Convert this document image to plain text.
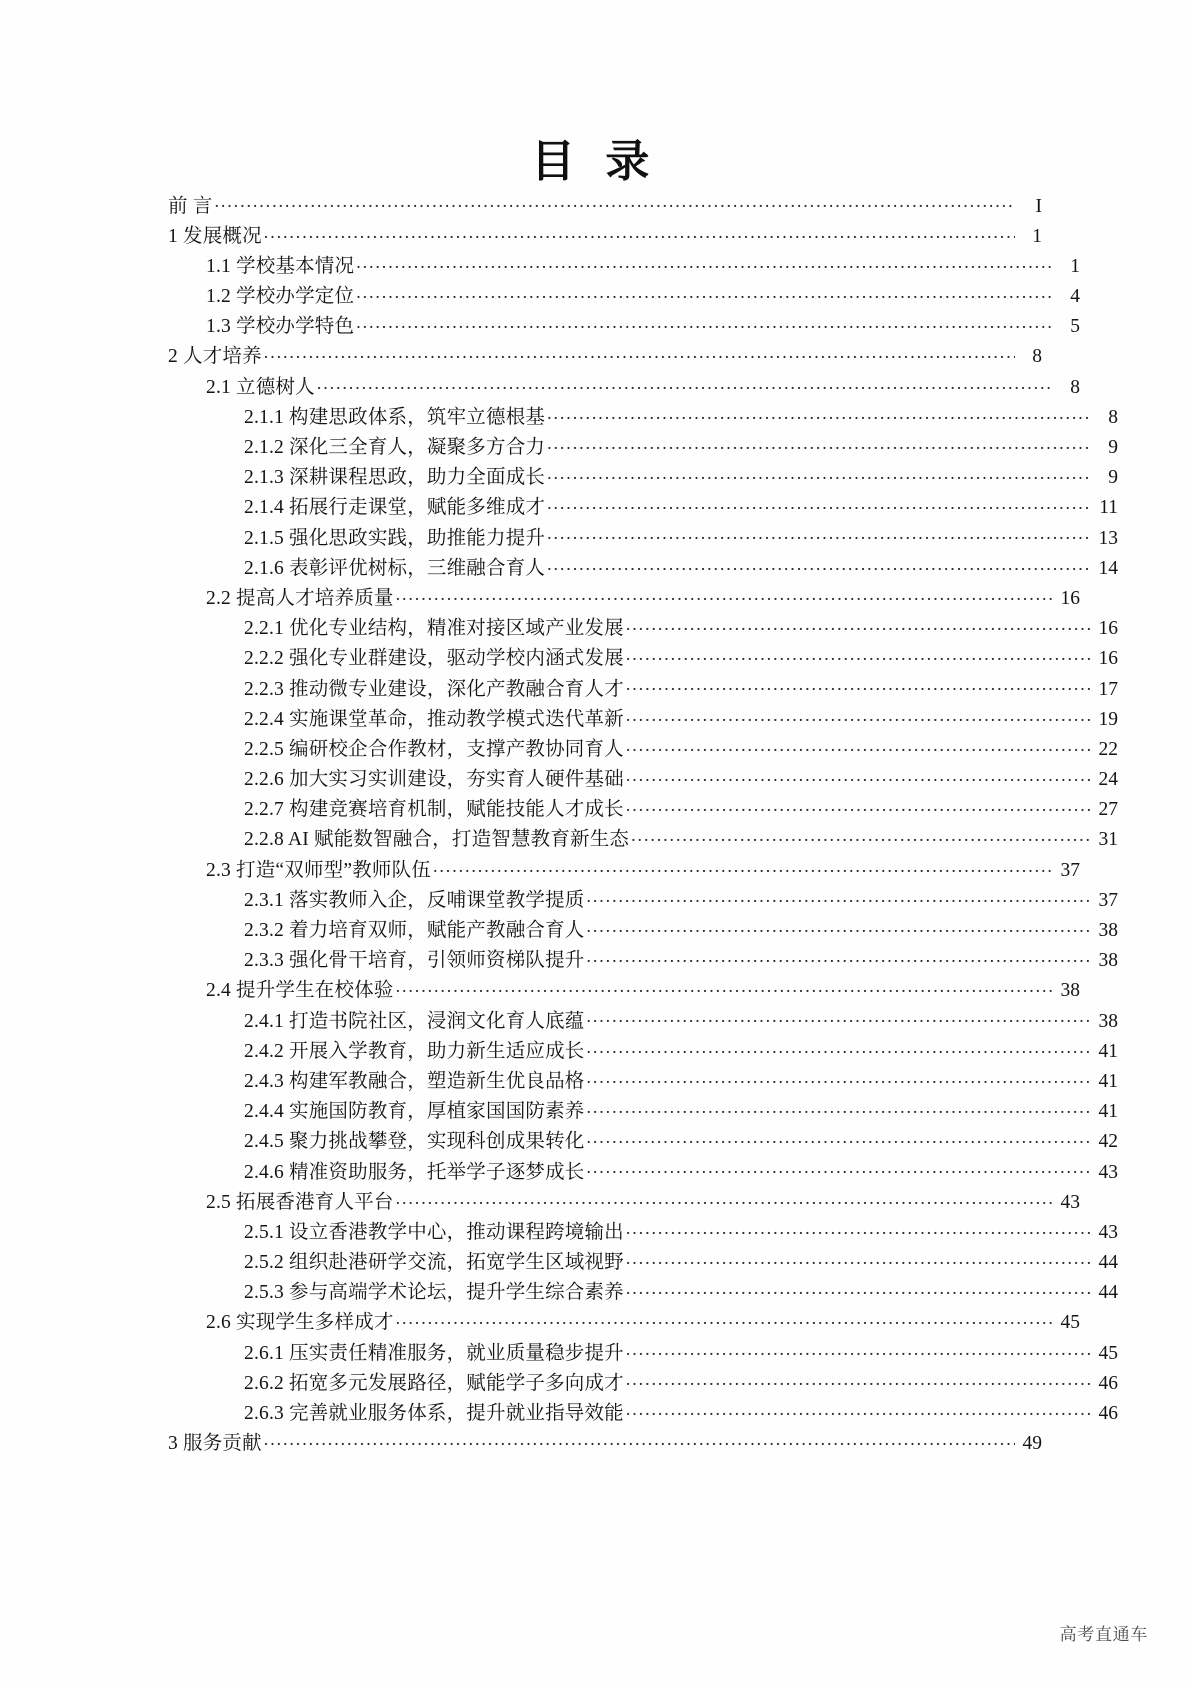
目 录
前 言 .....	I
1 发展概况 .....	1
1.1 学校基本情况 .....	1
1.2 学校办学定位 .....	4
1.3 学校办学特色 .....	5
2 人才培养 .....	8
2.1 立德树人 .....	8
2.1.1 构建思政体系，筑牢立德根基 .....	8
2.1.2 深化三全育人，凝聚多方合力 .....	9
2.1.3 深耕课程思政，助力全面成长 .....	9
2.1.4 拓展行走课堂，赋能多维成才 .....	11
2.1.5 强化思政实践，助推能力提升 .....	13
2.1.6 表彰评优树标，三维融合育人 .....	14
2.2 提高人才培养质量 .....	16
2.2.1 优化专业结构，精准对接区域产业发展 .....	16
2.2.2 强化专业群建设，驱动学校内涵式发展 .....	16
2.2.3 推动微专业建设，深化产教融合育人才 .....	17
2.2.4 实施课堂革命，推动教学模式迭代革新 .....	19
2.2.5 编研校企合作教材，支撑产教协同育人 .....	22
2.2.6 加大实习实训建设，夯实育人硬件基础 .....	24
2.2.7 构建竞赛培育机制，赋能技能人才成长 .....	27
2.2.8 AI 赋能数智融合，打造智慧教育新生态 .....	31
2.3 打造“双师型”教师队伍 .....	37
2.3.1 落实教师入企，反哺课堂教学提质 .....	37
2.3.2 着力培育双师，赋能产教融合育人 .....	38
2.3.3 强化骨干培育，引领师资梯队提升 .....	38
2.4 提升学生在校体验 .....	38
2.4.1 打造书院社区，浸润文化育人底蕴 .....	38
2.4.2 开展入学教育，助力新生适应成长 .....	41
2.4.3 构建军教融合，塑造新生优良品格 .....	41
2.4.4 实施国防教育，厚植家国国防素养 .....	41
2.4.5 聚力挑战攀登，实现科创成果转化 .....	42
2.4.6 精准资助服务，托举学子逐梦成长 .....	43
2.5 拓展香港育人平台 .....	43
2.5.1 设立香港教学中心，推动课程跨境输出 .....	43
2.5.2 组织赴港研学交流，拓宽学生区域视野 .....	44
2.5.3 参与高端学术论坛，提升学生综合素养 .....	44
2.6 实现学生多样成才 .....	45
2.6.1 压实责任精准服务，就业质量稳步提升 .....	45
2.6.2 拓宽多元发展路径，赋能学子多向成才 .....	46
2.6.3 完善就业服务体系，提升就业指导效能 .....	46
3 服务贡献 .....	49
高考直通车
